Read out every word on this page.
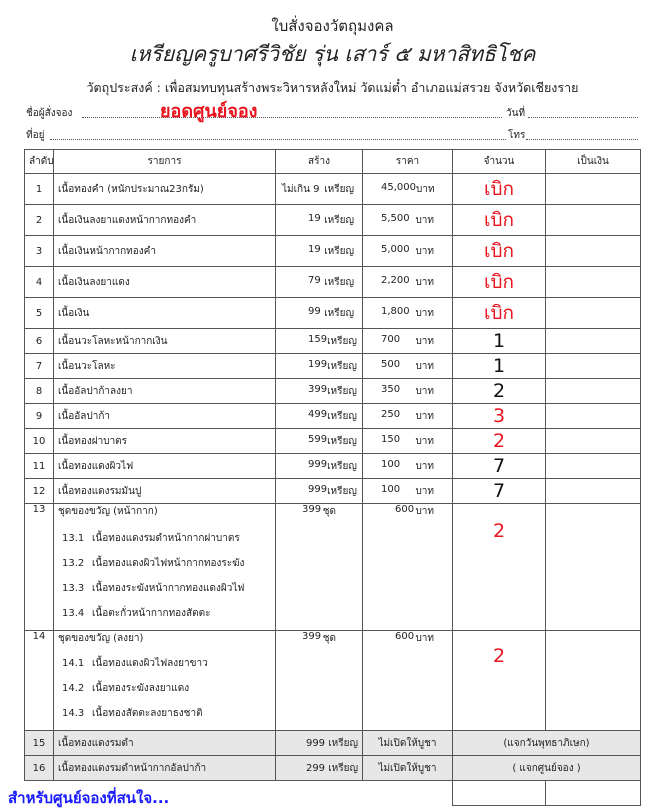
ใบสั่งจองวัตถุมงคล
เหรียญครูบาศรีวิชัย รุ่น เสาร์ ๕ มหาสิทธิโชค
วัตถุประสงค์ : เพื่อสมทบทุนสร้างพระวิหารหลังใหม่ วัดแม่ต๋ำ อำเภอแม่สรวย จังหวัดเชียงราย
ชื่อผู้สั่งจอง	ยอดศูนย์จอง	วันที่
ที่อยู่	โทร
ลำดับ	รายการ	สร้าง	ราคา	จำนวน	เป็นเงิน
1	เนื้อทองคำ (หนักประมาณ23กรัม)	ไม่เกิน 9 เหรียญ	45,000 บาท	เบิก	
2	เนื้อเงินลงยาแดงหน้ากากทองคำ	19 เหรียญ	5,500 บาท	เบิก	
3	เนื้อเงินหน้ากากทองคำ	19 เหรียญ	5,000 บาท	เบิก	
4	เนื้อเงินลงยาแดง	79 เหรียญ	2,200 บาท	เบิก	
5	เนื้อเงิน	99 เหรียญ	1,800 บาท	เบิก	
6	เนื้อนวะโลหะหน้ากากเงิน	159 เหรียญ	700 บาท	1	
7	เนื้อนวะโลหะ	199 เหรียญ	500 บาท	1	
8	เนื้ออัลปาก้าลงยา	399 เหรียญ	350 บาท	2	
9	เนื้ออัลปาก้า	499 เหรียญ	250 บาท	3	
10	เนื้อทองฝาบาตร	599 เหรียญ	150 บาท	2	
11	เนื้อทองแดงผิวไฟ	999 เหรียญ	100 บาท	7	
12	เนื้อทองแดงรมมันปู	999 เหรียญ	100 บาท	7	
13	ชุดของขวัญ (หน้ากาก)
13.1 เนื้อทองแดงรมดำหน้ากากฝาบาตร
13.2 เนื้อทองแดงผิวไฟหน้ากากทองระฆัง
13.3 เนื้อทองระฆังหน้ากากทองแดงผิวไฟ
13.4 เนื้อตะกั่วหน้ากากทองสัตตะ	399 ชุด	600 บาท	2	
14	ชุดของขวัญ (ลงยา)
14.1 เนื้อทองแดงผิวไฟลงยาขาว
14.2 เนื้อทองระฆังลงยาแดง
14.3 เนื้อทองสัตตะลงยาธงชาติ	399 ชุด	600 บาท	2	
15	เนื้อทองแดงรมดำ	999 เหรียญ	ไม่เปิดให้บูชา	(แจกวันพุทธาภิเษก)	
16	เนื้อทองแดงรมดำหน้ากากอัลปาก้า	299 เหรียญ	ไม่เปิดให้บูชา	( แจกศูนย์จอง )	

สำหรับศูนย์จองที่สนใจ...
